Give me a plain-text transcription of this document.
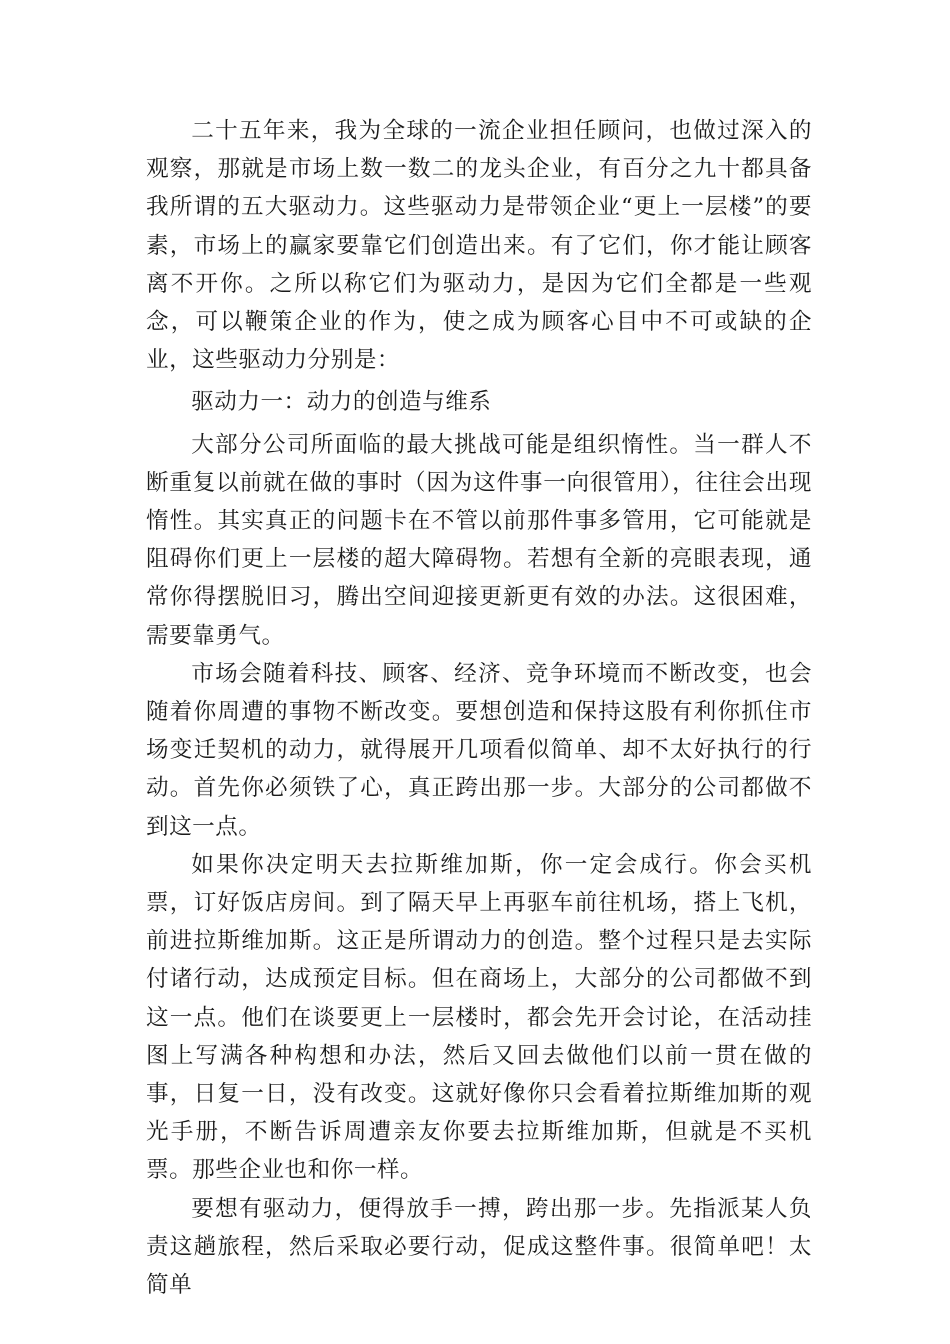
二十五年来，我为全球的一流企业担任顾问，也做过深入的观察，那就是市场上数一数二的龙头企业，有百分之九十都具备我所谓的五大驱动力。这些驱动力是带领企业“更上一层楼”的要素，市场上的赢家要靠它们创造出来。有了它们，你才能让顾客离不开你。之所以称它们为驱动力，是因为它们全都是一些观念，可以鞭策企业的作为，使之成为顾客心目中不可或缺的企业，这些驱动力分别是：

驱动力一：动力的创造与维系

大部分公司所面临的最大挑战可能是组织惰性。当一群人不断重复以前就在做的事时（因为这件事一向很管用），往往会出现惰性。其实真正的问题卡在不管以前那件事多管用，它可能就是阻碍你们更上一层楼的超大障碍物。若想有全新的亮眼表现，通常你得摆脱旧习，腾出空间迎接更新更有效的办法。这很困难，需要靠勇气。

市场会随着科技、顾客、经济、竞争环境而不断改变，也会随着你周遭的事物不断改变。要想创造和保持这股有利你抓住市场变迁契机的动力，就得展开几项看似简单、却不太好执行的行动。首先你必须铁了心，真正跨出那一步。大部分的公司都做不到这一点。

如果你决定明天去拉斯维加斯，你一定会成行。你会买机票，订好饭店房间。到了隔天早上再驱车前往机场，搭上飞机，前进拉斯维加斯。这正是所谓动力的创造。整个过程只是去实际付诸行动，达成预定目标。但在商场上，大部分的公司都做不到这一点。他们在谈要更上一层楼时，都会先开会讨论，在活动挂图上写满各种构想和办法，然后又回去做他们以前一贯在做的事，日复一日，没有改变。这就好像你只会看着拉斯维加斯的观光手册，不断告诉周遭亲友你要去拉斯维加斯，但就是不买机票。那些企业也和你一样。

要想有驱动力，便得放手一搏，跨出那一步。先指派某人负责这趟旅程，然后采取必要行动，促成这整件事。很简单吧！太简单
